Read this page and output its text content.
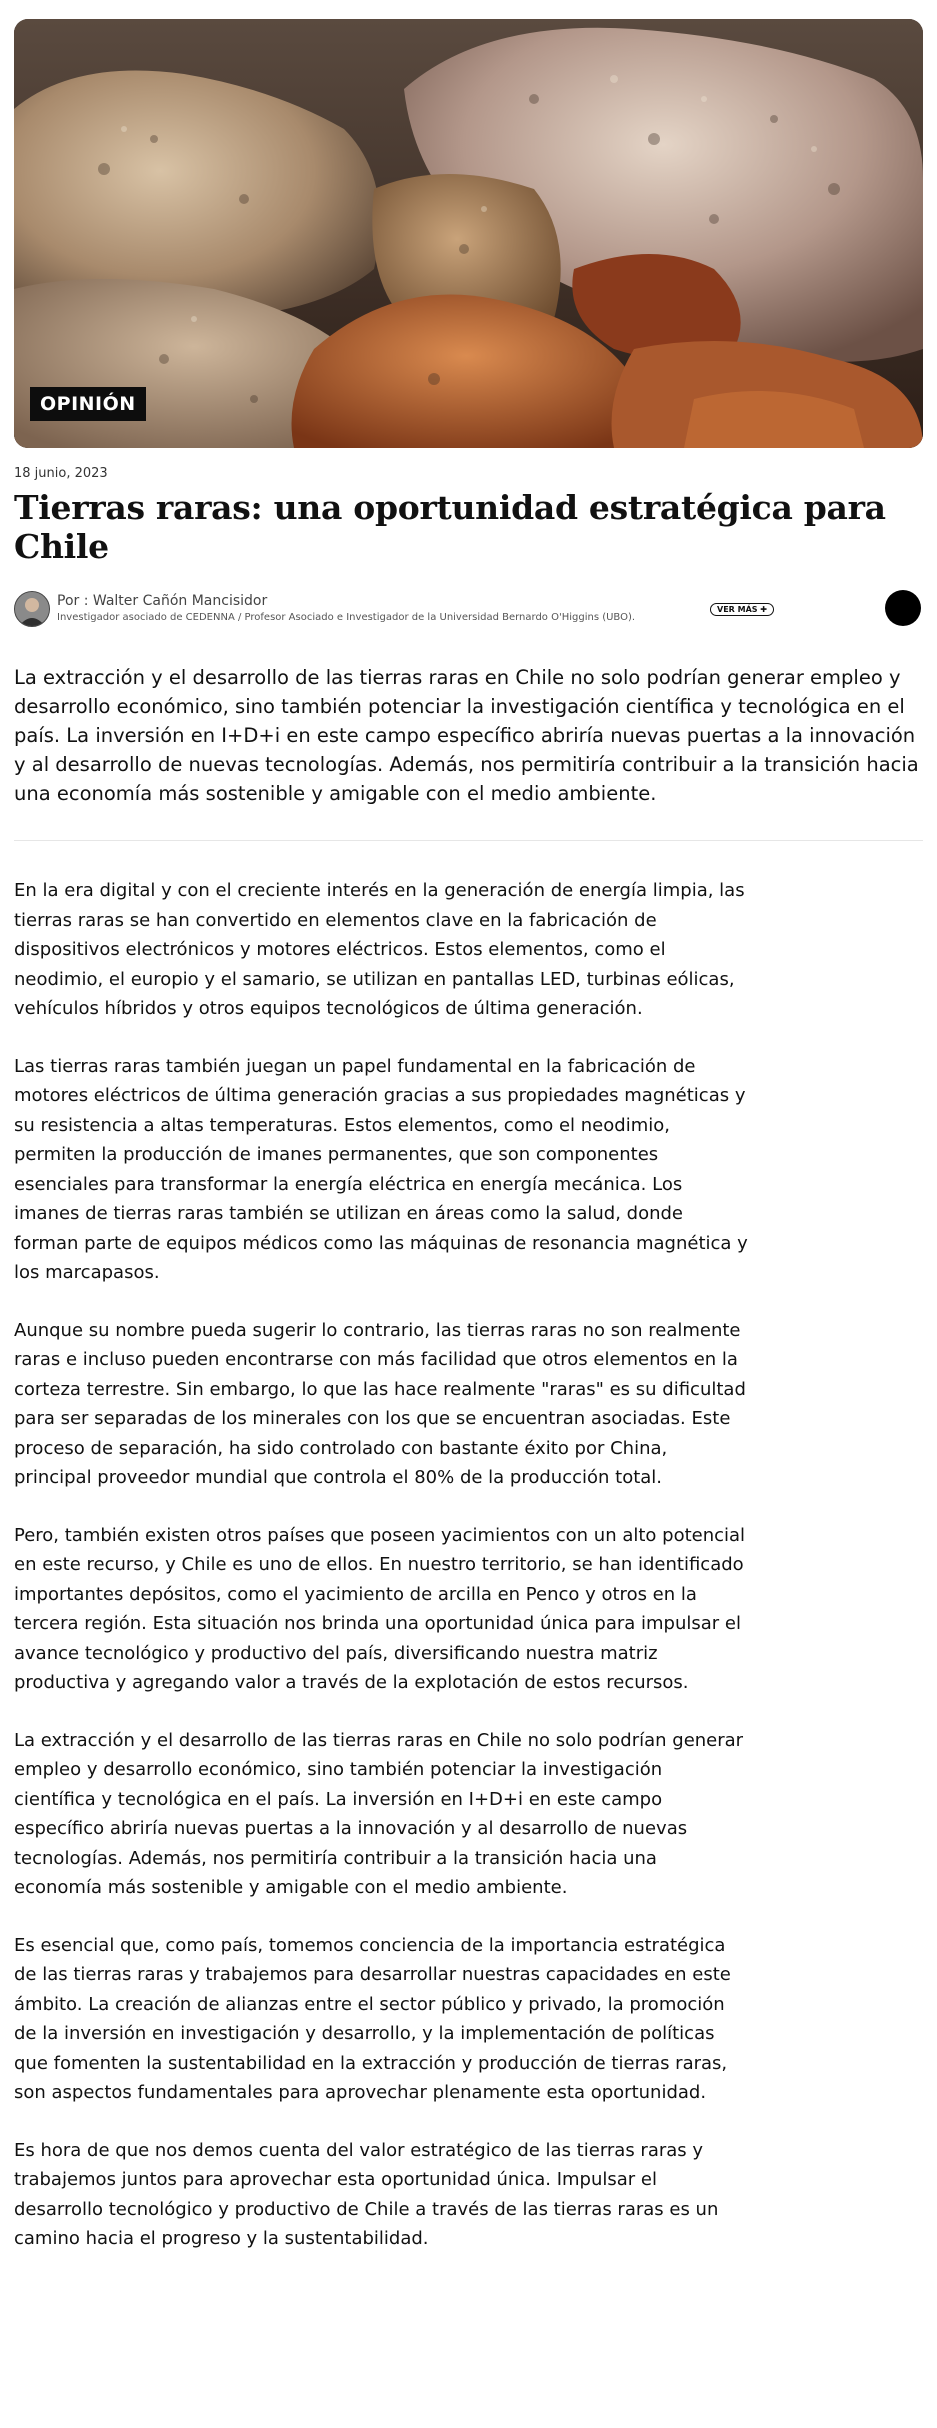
OPINIÓN
18 junio, 2023
Tierras raras: una oportunidad estratégica para Chile
Por : Walter Cañón Mancisidor
Investigador asociado de CEDENNA / Profesor Asociado e Investigador de la Universidad Bernardo O'Higgins (UBO).
VER MÁS ✚

La extracción y el desarrollo de las tierras raras en Chile no solo podrían generar empleo y desarrollo económico, sino también potenciar la investigación científica y tecnológica en el país. La inversión en I+D+i en este campo específico abriría nuevas puertas a la innovación y al desarrollo de nuevas tecnologías. Además, nos permitiría contribuir a la transición hacia una economía más sostenible y amigable con el medio ambiente.

En la era digital y con el creciente interés en la generación de energía limpia, las tierras raras se han convertido en elementos clave en la fabricación de dispositivos electrónicos y motores eléctricos. Estos elementos, como el neodimio, el europio y el samario, se utilizan en pantallas LED, turbinas eólicas, vehículos híbridos y otros equipos tecnológicos de última generación.

Las tierras raras también juegan un papel fundamental en la fabricación de motores eléctricos de última generación gracias a sus propiedades magnéticas y su resistencia a altas temperaturas. Estos elementos, como el neodimio, permiten la producción de imanes permanentes, que son componentes esenciales para transformar la energía eléctrica en energía mecánica. Los imanes de tierras raras también se utilizan en áreas como la salud, donde forman parte de equipos médicos como las máquinas de resonancia magnética y los marcapasos.

Aunque su nombre pueda sugerir lo contrario, las tierras raras no son realmente raras e incluso pueden encontrarse con más facilidad que otros elementos en la corteza terrestre. Sin embargo, lo que las hace realmente "raras" es su dificultad para ser separadas de los minerales con los que se encuentran asociadas. Este proceso de separación, ha sido controlado con bastante éxito por China, principal proveedor mundial que controla el 80% de la producción total.

Pero, también existen otros países que poseen yacimientos con un alto potencial en este recurso, y Chile es uno de ellos. En nuestro territorio, se han identificado importantes depósitos, como el yacimiento de arcilla en Penco y otros en la tercera región. Esta situación nos brinda una oportunidad única para impulsar el avance tecnológico y productivo del país, diversificando nuestra matriz productiva y agregando valor a través de la explotación de estos recursos.

La extracción y el desarrollo de las tierras raras en Chile no solo podrían generar empleo y desarrollo económico, sino también potenciar la investigación científica y tecnológica en el país. La inversión en I+D+i en este campo específico abriría nuevas puertas a la innovación y al desarrollo de nuevas tecnologías. Además, nos permitiría contribuir a la transición hacia una economía más sostenible y amigable con el medio ambiente.

Es esencial que, como país, tomemos conciencia de la importancia estratégica de las tierras raras y trabajemos para desarrollar nuestras capacidades en este ámbito. La creación de alianzas entre el sector público y privado, la promoción de la inversión en investigación y desarrollo, y la implementación de políticas que fomenten la sustentabilidad en la extracción y producción de tierras raras, son aspectos fundamentales para aprovechar plenamente esta oportunidad.

Es hora de que nos demos cuenta del valor estratégico de las tierras raras y trabajemos juntos para aprovechar esta oportunidad única. Impulsar el desarrollo tecnológico y productivo de Chile a través de las tierras raras es un camino hacia el progreso y la sustentabilidad.
